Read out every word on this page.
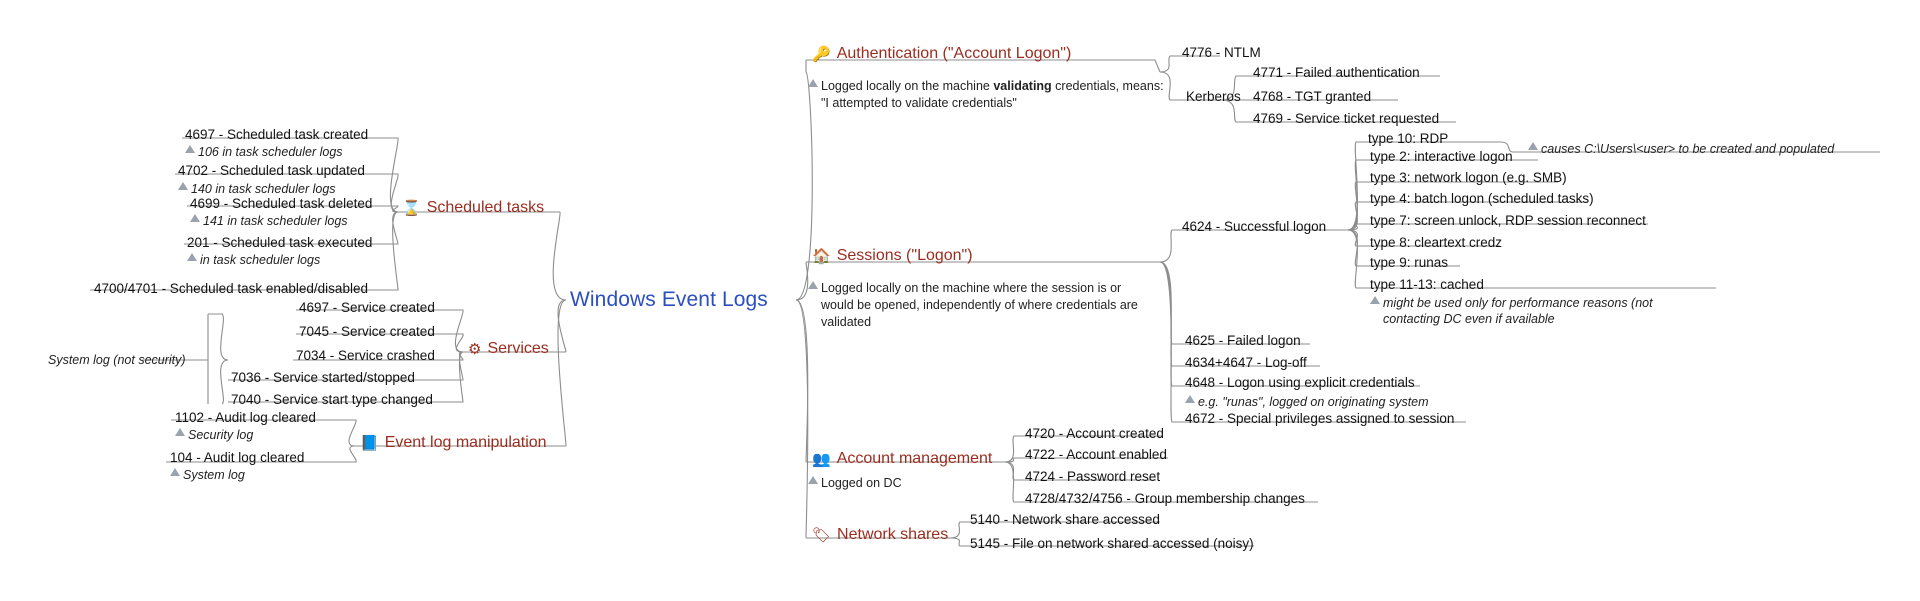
Windows Event Logs
⌛ Scheduled tasks
4697 - Scheduled task created
106 in task scheduler logs
4702 - Scheduled task updated
140 in task scheduler logs
4699 - Scheduled task deleted
141 in task scheduler logs
201 - Scheduled task executed
in task scheduler logs
4700/4701 - Scheduled task enabled/disabled
⚙ Services
4697 - Service created
7045 - Service created
7034 - Service crashed
7036 - Service started/stopped
7040 - Service start type changed
System log (not security)
📘 Event log manipulation
1102 - Audit log cleared
Security log
104 - Audit log cleared
System log
🔑 Authentication ("Account Logon")
Logged locally on the machine validating credentials, means: "I attempted to validate credentials"
4776 - NTLM
Kerberos
4771 - Failed authentication
4768 - TGT granted
4769 - Service ticket requested
🏠 Sessions ("Logon")
Logged locally on the machine where the session is or would be opened, independently of where credentials are validated
4624 - Successful logon
4625 - Failed logon
4634+4647 - Log-off
4648 - Logon using explicit credentials
e.g. "runas", logged on originating system
4672 - Special privileges assigned to session
type 10: RDP
causes C:\Users\<user> to be created and populated
type 2: interactive logon
type 3: network logon (e.g. SMB)
type 4: batch logon (scheduled tasks)
type 7: screen unlock, RDP session reconnect
type 8: cleartext credz
type 9: runas
type 11-13: cached
might be used only for performance reasons (not contacting DC even if available
👥 Account management
Logged on DC
4720 - Account created
4722 - Account enabled
4724 - Password reset
4728/4732/4756 - Group membership changes
🏷 Network shares
5140 - Network share accessed
5145 - File on network shared accessed (noisy)
